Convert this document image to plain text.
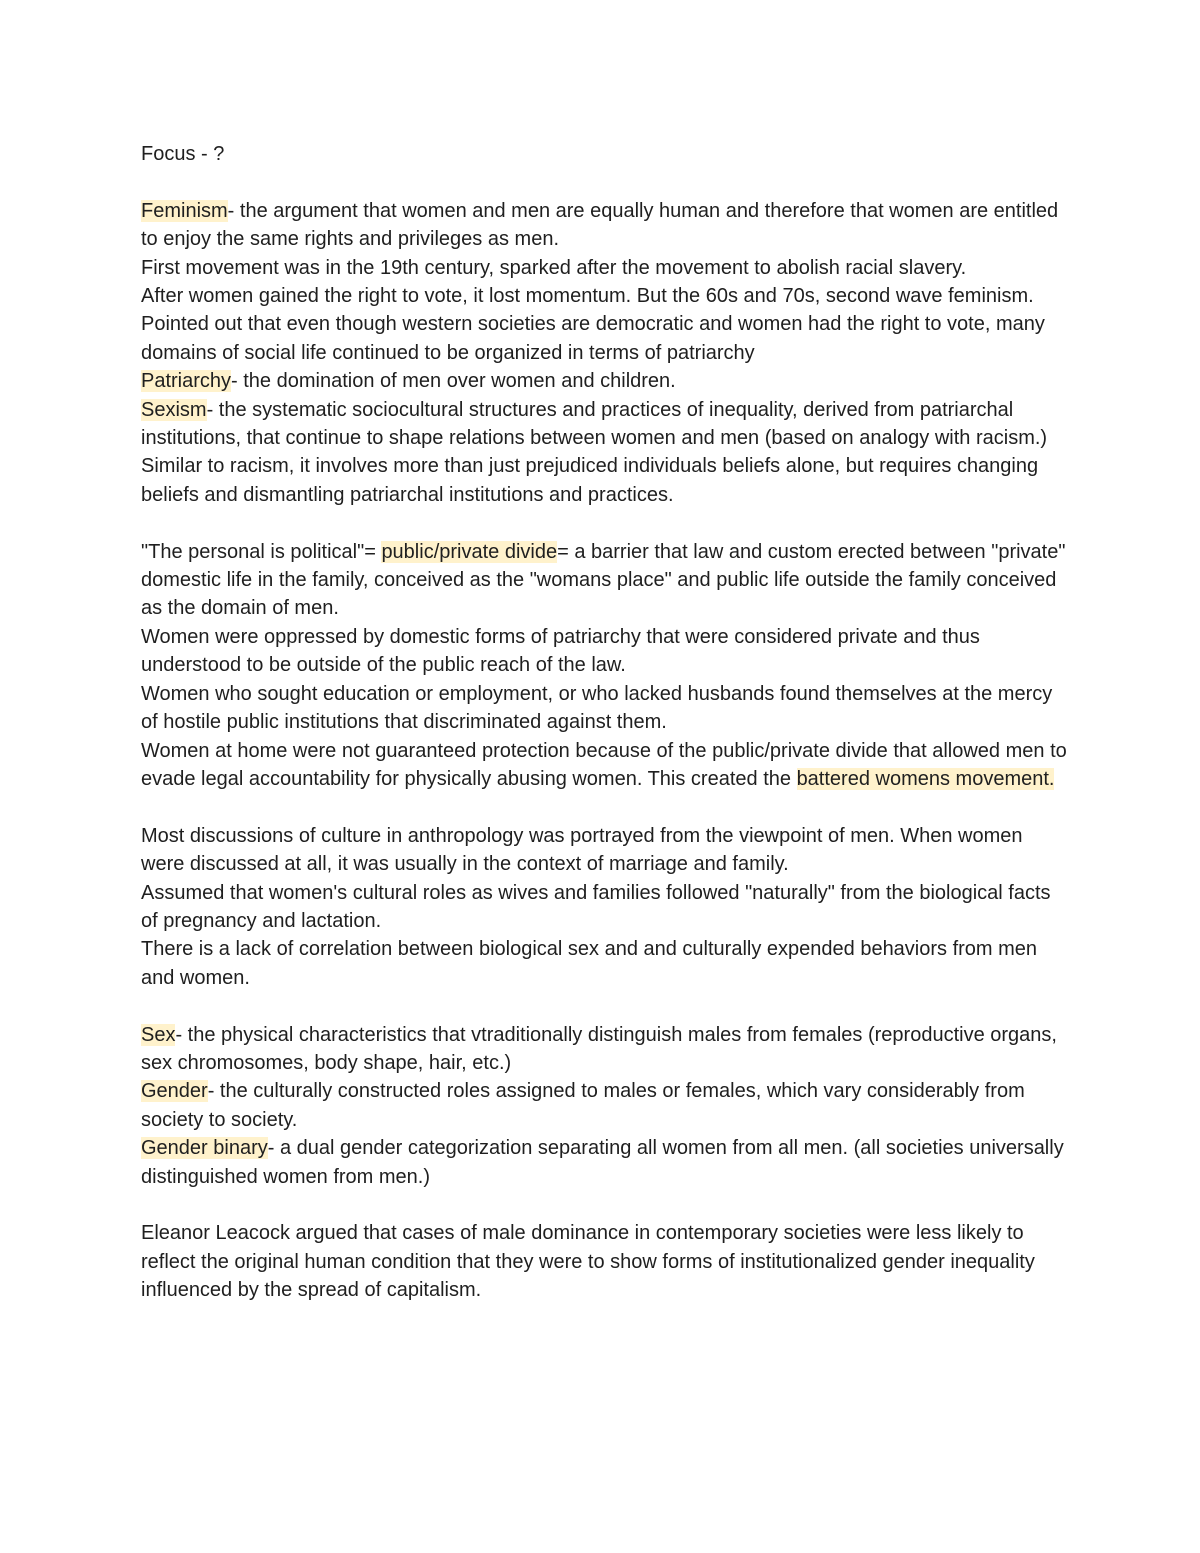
Focus - ?

Feminism- the argument that women and men are equally human and therefore that women are entitled to enjoy the same rights and privileges as men.

First movement was in the 19th century, sparked after the movement to abolish racial slavery.

After women gained the right to vote, it lost momentum. But the 60s and 70s, second wave feminism.

Pointed out that even though western societies are democratic and women had the right to vote, many domains of social life continued to be organized in terms of patriarchy

Patriarchy- the domination of men over women and children.

Sexism- the systematic sociocultural structures and practices of inequality, derived from patriarchal institutions, that continue to shape relations between women and men (based on analogy with racism.)

Similar to racism, it involves more than just prejudiced individuals beliefs alone, but requires changing beliefs and dismantling patriarchal institutions and practices.

"The personal is political"= public/private divide= a barrier that law and custom erected between "private" domestic life in the family, conceived as the "womans place" and public life outside the family conceived as the domain of men.

Women were oppressed by domestic forms of patriarchy that were considered private and thus understood to be outside of the public reach of the law.

Women who sought education or employment, or who lacked husbands found themselves at the mercy of hostile public institutions that discriminated against them.

Women at home were not guaranteed protection because of the public/private divide that allowed men to evade legal accountability for physically abusing women. This created the battered womens movement.

Most discussions of culture in anthropology was portrayed from the viewpoint of men. When women were discussed at all, it was usually in the context of marriage and family.

Assumed that women's cultural roles as wives and families followed "naturally" from the biological facts of pregnancy and lactation.

There is a lack of correlation between biological sex and and culturally expended behaviors from men and women.

Sex- the physical characteristics that vtraditionally distinguish males from females (reproductive organs, sex chromosomes, body shape, hair, etc.)

Gender- the culturally constructed roles assigned to males or females, which vary considerably from society to society.

Gender binary- a dual gender categorization separating all women from all men. (all societies universally distinguished women from men.)

Eleanor Leacock argued that cases of male dominance in contemporary societies were less likely to reflect the original human condition that they were to show forms of institutionalized gender inequality influenced by the spread of capitalism.
